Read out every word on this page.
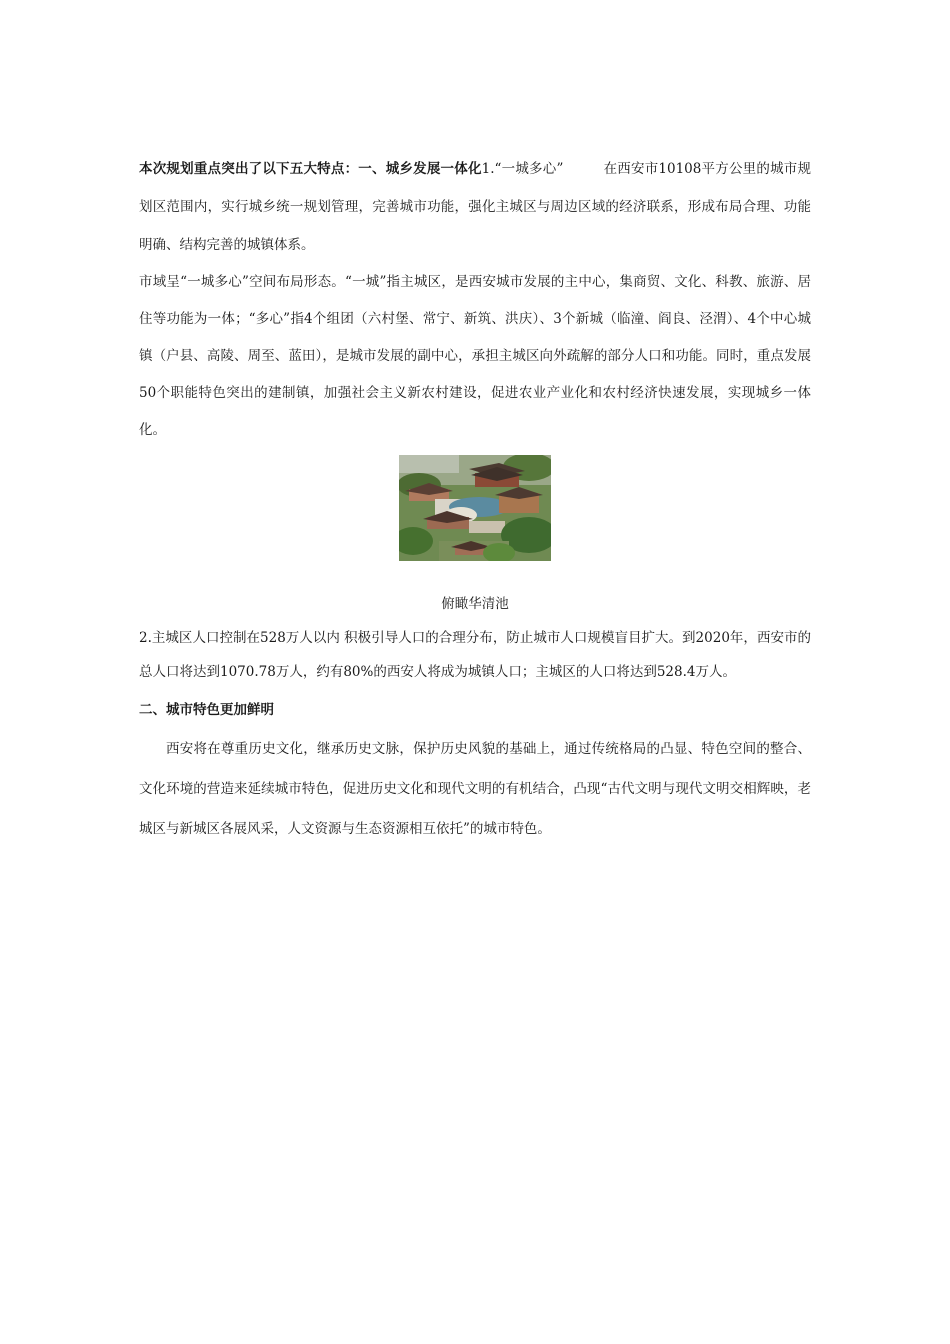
本次规划重点突出了以下五大特点：一、城乡发展一体化1.“一城多心”	在西安市10108平方公里的城市规划区范围内，实行城乡统一规划管理，完善城市功能，强化主城区与周边区域的经济联系，形成布局合理、功能明确、结构完善的城镇体系。

市域呈“一城多心”空间布局形态。“一城”指主城区，是西安城市发展的主中心，集商贸、文化、科教、旅游、居住等功能为一体；“多心”指4个组团（六村堡、常宁、新筑、洪庆）、3个新城（临潼、阎良、泾渭）、4个中心城镇（户县、高陵、周至、蓝田），是城市发展的副中心，承担主城区向外疏解的部分人口和功能。同时，重点发展50个职能特色突出的建制镇，加强社会主义新农村建设，促进农业产业化和农村经济快速发展，实现城乡一体化。

俯瞰华清池

2.主城区人口控制在528万人以内 积极引导人口的合理分布，防止城市人口规模盲目扩大。到2020年，西安市的总人口将达到1070.78万人，约有80%的西安人将成为城镇人口；主城区的人口将达到528.4万人。

二、城市特色更加鲜明

西安将在尊重历史文化，继承历史文脉，保护历史风貌的基础上，通过传统格局的凸显、特色空间的整合、文化环境的营造来延续城市特色，促进历史文化和现代文明的有机结合，凸现“古代文明与现代文明交相辉映，老城区与新城区各展风采，人文资源与生态资源相互依托”的城市特色。
